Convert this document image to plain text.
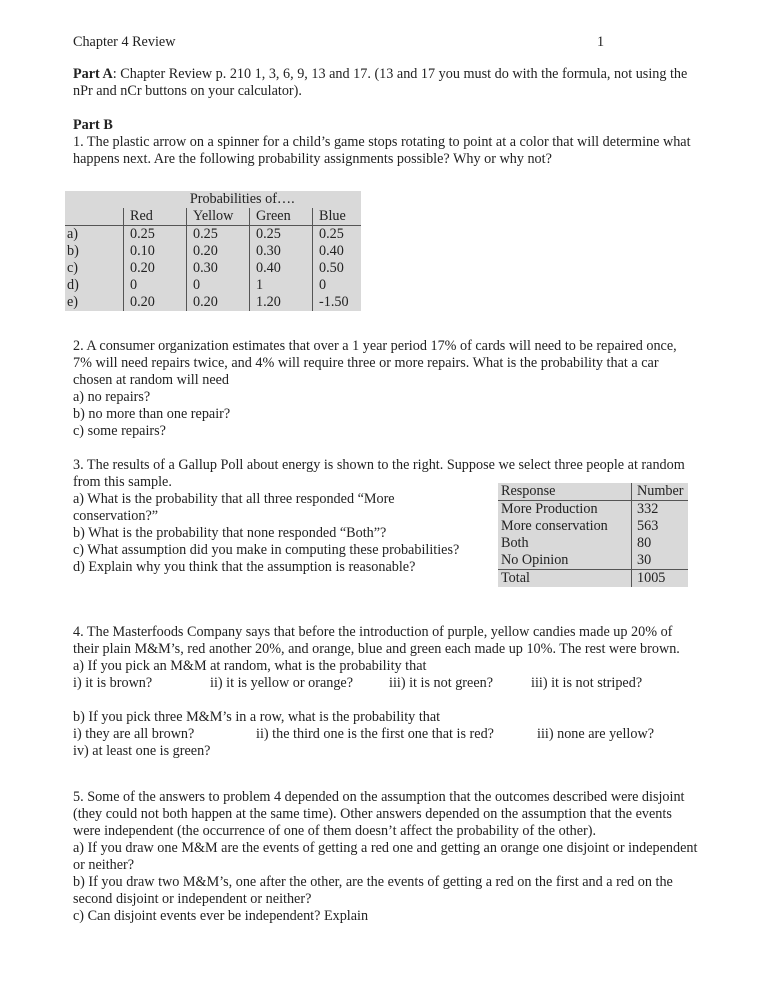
Chapter 4 Review	1

Part A: Chapter Review p. 210 1, 3, 6, 9, 13 and 17. (13 and 17 you must do with the formula, not using the nPr and nCr buttons on your calculator).

Part B

1. The plastic arrow on a spinner for a child’s game stops rotating to point at a color that will determine what happens next. Are the following probability assignments possible? Why or why not?

	Probabilities of….			
	Red	Yellow	Green	Blue
a)	0.25	0.25	0.25	0.25
b)	0.10	0.20	0.30	0.40
c)	0.20	0.30	0.40	0.50
d)	0	0	1	0
e)	0.20	0.20	1.20	-1.50

2. A consumer organization estimates that over a 1 year period 17% of cards will need to be repaired once, 7% will need repairs twice, and 4% will require three or more repairs. What is the probability that a car chosen at random will need

a) no repairs?

b) no more than one repair?

c) some repairs?

3. The results of a Gallup Poll about energy is shown to the right. Suppose we select three people at random from this sample.

a) What is the probability that all three responded “More conservation?”

b) What is the probability that none responded “Both”?

c) What assumption did you make in computing these probabilities?

d) Explain why you think that the assumption is reasonable?

Response	Number
More Production	332
More conservation	563
Both	80
No Opinion	30
Total	1005

4. The Masterfoods Company says that before the introduction of purple, yellow candies made up 20% of their plain M&M’s, red another 20%, and orange, blue and green each made up 10%. The rest were brown.

a) If you pick an M&M at random, what is the probability that

i) it is brown?	ii) it is yellow or orange?	iii) it is not green?	iii) it is not striped?

b) If you pick three M&M’s in a row, what is the probability that

i) they are all brown?	ii) the third one is the first one that is red?	iii) none are yellow?

iv) at least one is green?

5. Some of the answers to problem 4 depended on the assumption that the outcomes described were disjoint (they could not both happen at the same time). Other answers depended on the assumption that the events were independent (the occurrence of one of them doesn’t affect the probability of the other).

a) If you draw one M&M are the events of getting a red one and getting an orange one disjoint or independent or neither?

b) If you draw two M&M’s, one after the other, are the events of getting a red on the first and a red on the second disjoint or independent or neither?

c) Can disjoint events ever be independent? Explain
